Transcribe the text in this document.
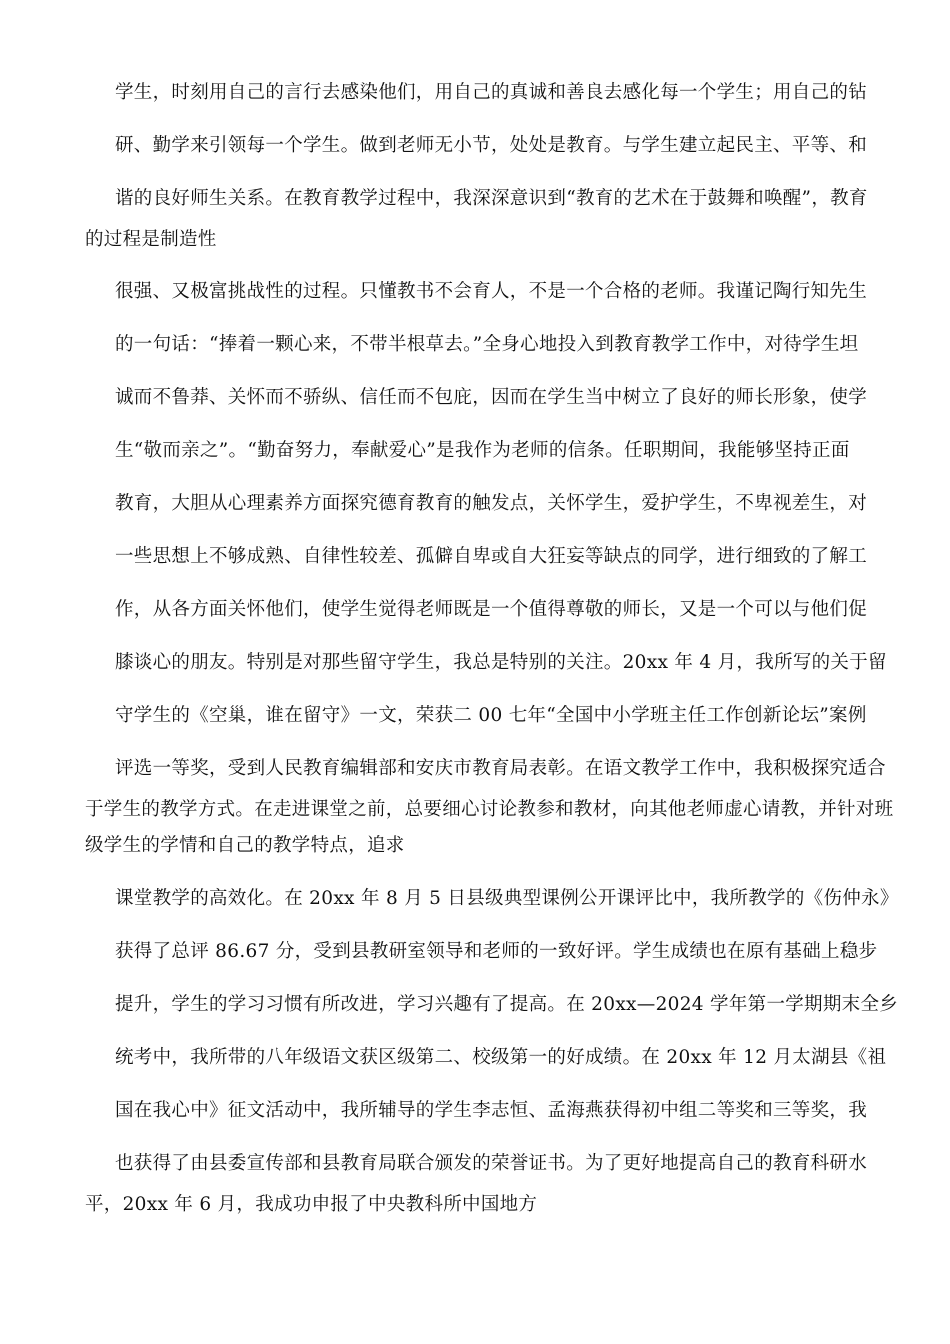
学生，时刻用自己的言行去感染他们，用自己的真诚和善良去感化每一个学生；用自己的钻
研、勤学来引领每一个学生。做到老师无小节，处处是教育。与学生建立起民主、平等、和
谐的良好师生关系。在教育教学过程中，我深深意识到“教育的艺术在于鼓舞和唤醒”，教育
的过程是制造性
很强、又极富挑战性的过程。只懂教书不会育人，不是一个合格的老师。我谨记陶行知先生
的一句话：“捧着一颗心来，不带半根草去。”全身心地投入到教育教学工作中，对待学生坦
诚而不鲁莽、关怀而不骄纵、信任而不包庇，因而在学生当中树立了良好的师长形象，使学
生“敬而亲之”。“勤奋努力，奉献爱心”是我作为老师的信条。任职期间，我能够坚持正面
教育，大胆从心理素养方面探究德育教育的触发点，关怀学生，爱护学生，不卑视差生，对
一些思想上不够成熟、自律性较差、孤僻自卑或自大狂妄等缺点的同学，进行细致的了解工
作，从各方面关怀他们，使学生觉得老师既是一个值得尊敬的师长，又是一个可以与他们促
膝谈心的朋友。特别是对那些留守学生，我总是特别的关注。20xx 年 4 月，我所写的关于留
守学生的《空巢，谁在留守》一文，荣获二 00 七年“全国中小学班主任工作创新论坛”案例
评选一等奖，受到人民教育编辑部和安庆市教育局表彰。在语文教学工作中，我积极探究适合
于学生的教学方式。在走进课堂之前，总要细心讨论教参和教材，向其他老师虚心请教，并针对班
级学生的学情和自己的教学特点，追求
课堂教学的高效化。在 20xx 年 8 月 5 日县级典型课例公开课评比中，我所教学的《伤仲永》
获得了总评 86.67 分，受到县教研室领导和老师的一致好评。学生成绩也在原有基础上稳步
提升，学生的学习习惯有所改进，学习兴趣有了提高。在 20xx—2024 学年第一学期期末全乡
统考中，我所带的八年级语文获区级第二、校级第一的好成绩。在 20xx 年 12 月太湖县《祖
国在我心中》征文活动中，我所辅导的学生李志恒、孟海燕获得初中组二等奖和三等奖，我
也获得了由县委宣传部和县教育局联合颁发的荣誉证书。为了更好地提高自己的教育科研水
平，20xx 年 6 月，我成功申报了中央教科所中国地方
